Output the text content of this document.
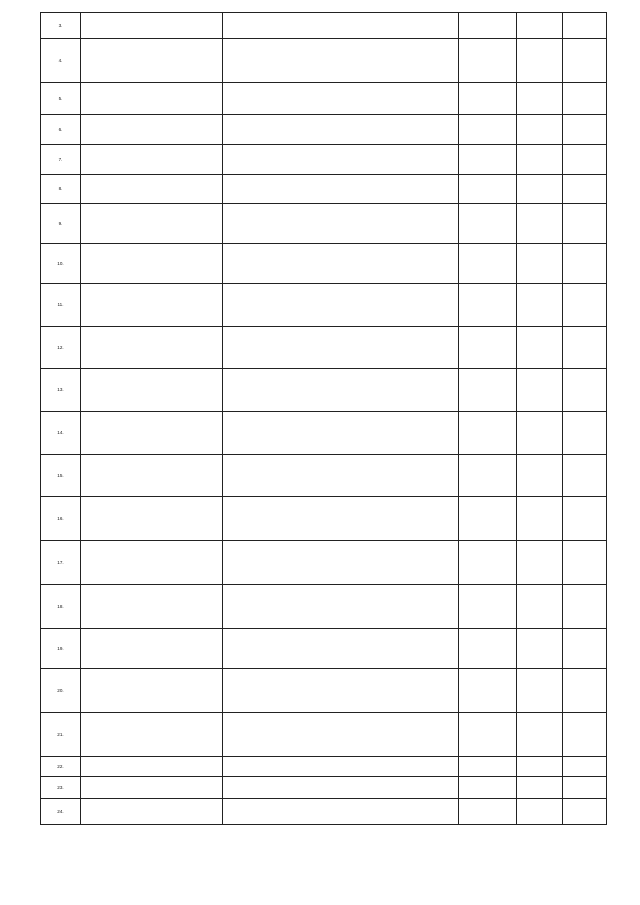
3.					
4.					
5.					
6.					
7.					
8.					
9.					
10.					
11.					
12.					
13.					
14.					
15.					
16.					
17.					
18.					
19.					
20.					
21.					
22.					
23.					
24.					
